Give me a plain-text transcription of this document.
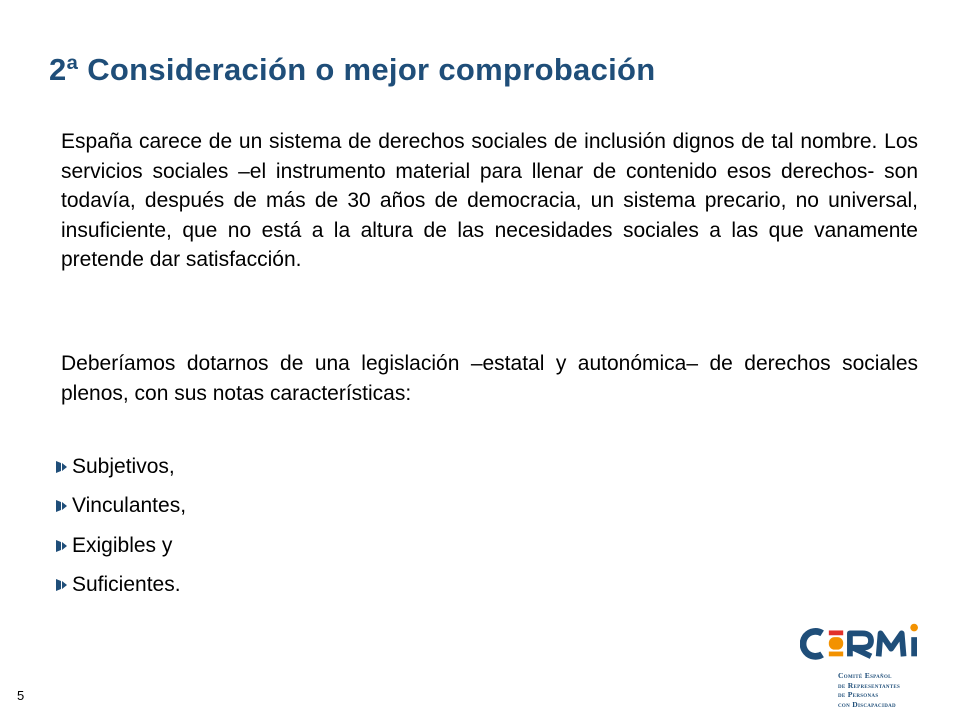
2ª Consideración o mejor comprobación

España carece de un sistema de derechos sociales de inclusión dignos de tal nombre. Los servicios sociales –el instrumento material para llenar de contenido esos derechos- son todavía, después de más de 30 años de democracia, un sistema precario, no universal, insuficiente, que no está a la altura de las necesidades sociales a las que vanamente pretende dar satisfacción.

Deberíamos dotarnos de una legislación –estatal y autonómica– de derechos sociales plenos, con sus notas características:

Subjetivos,
Vinculantes,
Exigibles y
Suficientes.
5
Comité Español
de Representantes
de Personas
con Discapacidad
